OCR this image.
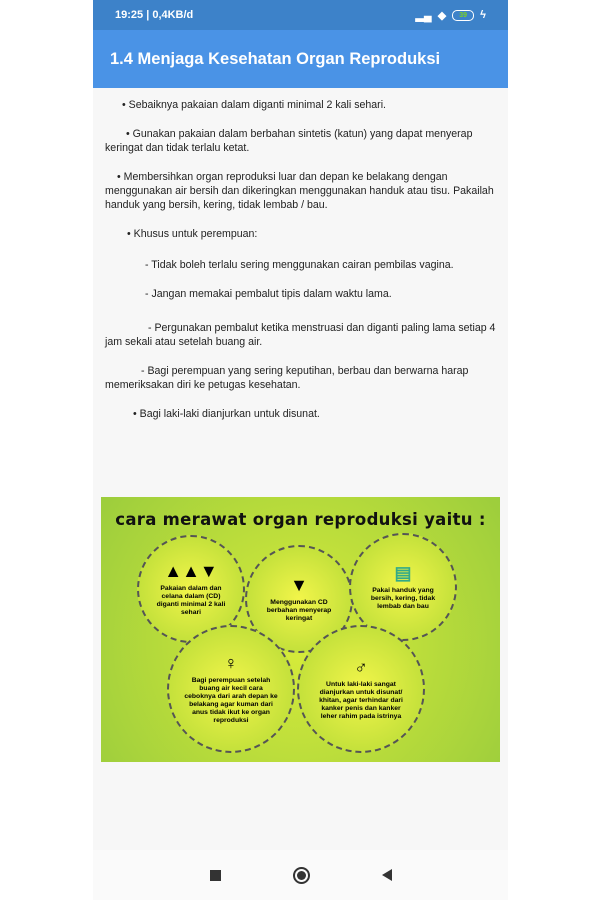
19:25 | 0,4KB/d	▂▄ ◆	39	ϟ
1.4 Menjaga Kesehatan Organ Reproduksi

• Sebaiknya pakaian dalam diganti minimal 2 kali sehari.

• Gunakan pakaian dalam berbahan sintetis (katun) yang dapat menyerap keringat dan tidak terlalu ketat.

• Membersihkan organ reproduksi luar dan depan ke belakang dengan menggunakan air bersih dan dikeringkan menggunakan handuk atau tisu. Pakailah handuk yang bersih, kering, tidak lembab / bau.

• Khusus untuk perempuan:

- Tidak boleh terlalu sering menggunakan cairan pembilas vagina.

- Jangan memakai pembalut tipis dalam waktu lama.

- Pergunakan pembalut ketika menstruasi dan diganti paling lama setiap 4 jam sekali atau setelah buang air.

- Bagi perempuan yang sering keputihan, berbau dan berwarna harap memeriksakan diri ke petugas kesehatan.

• Bagi laki-laki dianjurkan untuk disunat.

cara merawat organ reproduksi yaitu :
▲▲▼
Pakaian dalam dan celana dalam (CD) diganti minimal 2 kali sehari
▼
Menggunakan CD berbahan menyerap keringat
▤
Pakai handuk yang bersih, kering, tidak lembab dan bau
♀
Bagi perempuan setelah buang air kecil cara ceboknya dari arah depan ke belakang agar kuman dari anus tidak ikut ke organ reproduksi
♂
Untuk laki-laki sangat dianjurkan untuk disunat/ khitan, agar terhindar dari kanker penis dan kanker leher rahim pada istrinya
